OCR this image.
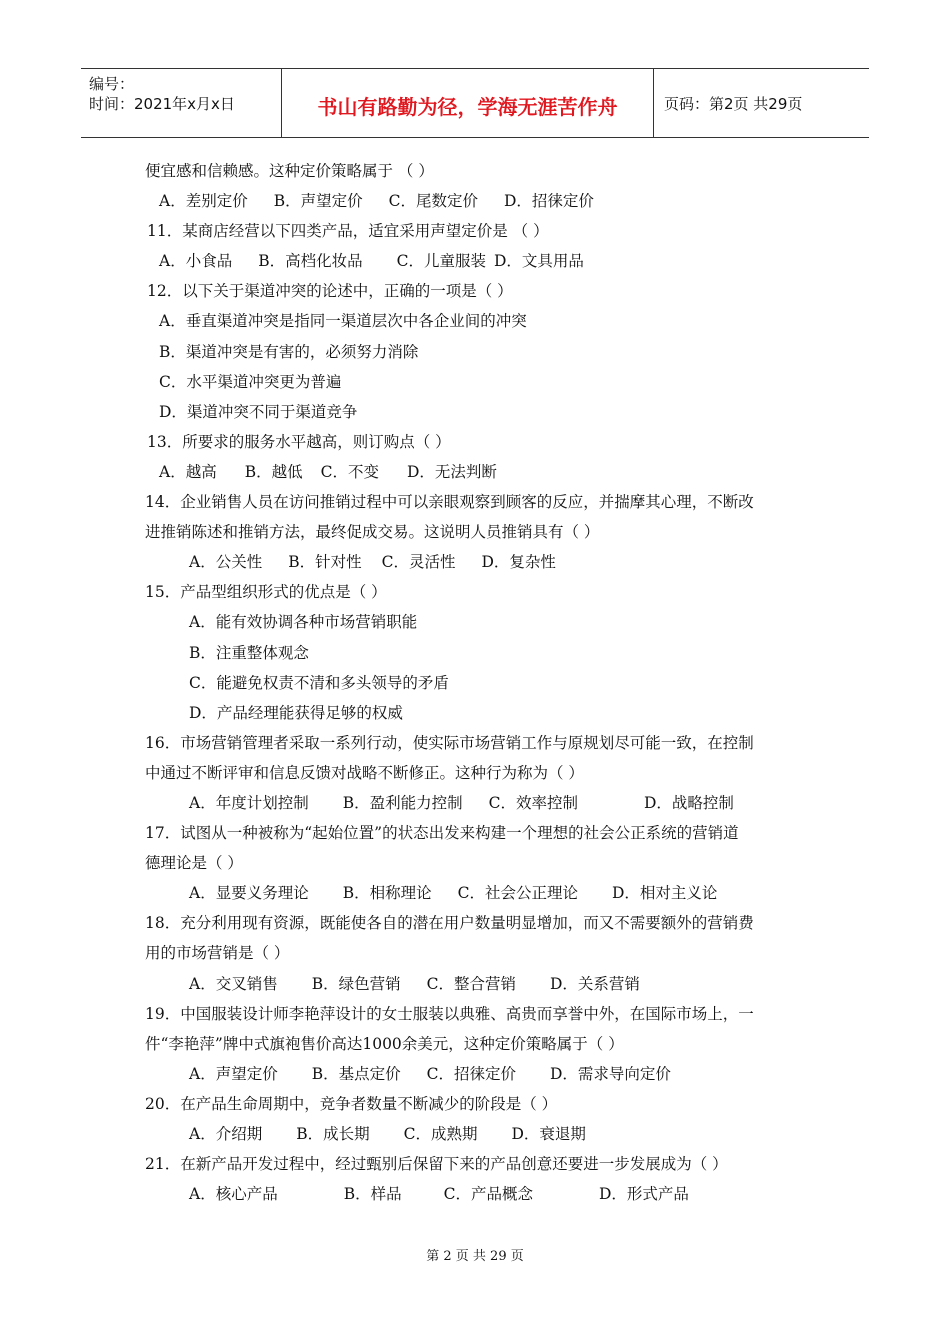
编号：
时间：2021年x月x日	书山有路勤为径，学海无涯苦作舟	页码：第2页 共29页
便宜感和信赖感。这种定价策略属于 （ ）
A．差别定价 B．声望定价 C．尾数定价 D．招徕定价
11．某商店经营以下四类产品，适宜采用声望定价是 （ ）
A．小食品 B．高档化妆品 C．儿童服装 D．文具用品
12．以下关于渠道冲突的论述中，正确的一项是（ ）
A．垂直渠道冲突是指同一渠道层次中各企业间的冲突
B．渠道冲突是有害的，必须努力消除
C．水平渠道冲突更为普遍
D．渠道冲突不同于渠道竞争
13．所要求的服务水平越高，则订购点（ ）
A．越高 B．越低 C．不变 D．无法判断
14．企业销售人员在访问推销过程中可以亲眼观察到顾客的反应，并揣摩其心理，不断改
进推销陈述和推销方法，最终促成交易。这说明人员推销具有（ ）
A．公关性 B．针对性 C．灵活性 D．复杂性
15．产品型组织形式的优点是（ ）
A．能有效协调各种市场营销职能
B．注重整体观念
C．能避免权责不清和多头领导的矛盾
D．产品经理能获得足够的权威
16．市场营销管理者采取一系列行动，使实际市场营销工作与原规划尽可能一致，在控制
中通过不断评审和信息反馈对战略不断修正。这种行为称为（ ）
A．年度计划控制 B．盈利能力控制 C．效率控制	D．战略控制
17．试图从一种被称为“起始位置”的状态出发来构建一个理想的社会公正系统的营销道
德理论是（ ）
A．显要义务理论 B．相称理论 C．社会公正理论 D．相对主义论
18．充分利用现有资源，既能使各自的潜在用户数量明显增加，而又不需要额外的营销费
用的市场营销是（ ）
A．交叉销售 B．绿色营销 C．整合营销 D．关系营销
19．中国服装设计师李艳萍设计的女士服装以典雅、高贵而享誉中外，在国际市场上，一
件“李艳萍”牌中式旗袍售价高达1000余美元，这种定价策略属于（ ）
A．声望定价 B．基点定价 C．招徕定价 D．需求导向定价
20．在产品生命周期中，竞争者数量不断减少的阶段是（ ）
A．介绍期 B．成长期 C．成熟期 D．衰退期
21．在新产品开发过程中，经过甄别后保留下来的产品创意还要进一步发展成为（ ）
A．核心产品	B．样品	C．产品概念	D．形式产品
第 2 页 共 29 页
